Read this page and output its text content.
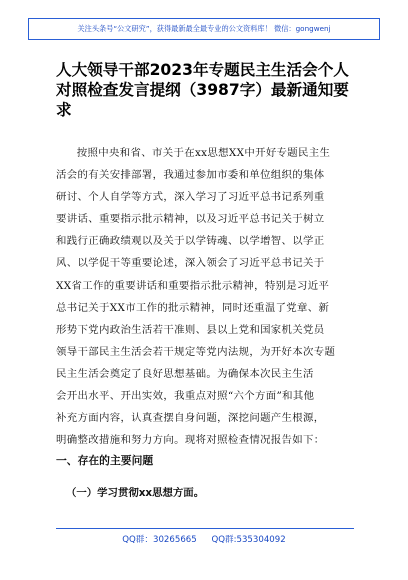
关注头条号“公文研究”，获得最新最全最专业的公文资料库！ 微信：gongwenj
人大领导干部2023年专题民主生活会个人
对照检查发言提纲（3987字）最新通知要
求
按照中央和省、市关于在xx思想XX中开好专题民主生
活会的有关安排部署，我通过参加市委和单位组织的集体
研讨、个人自学等方式，深入学习了习近平总书记系列重
要讲话、重要指示批示精神，以及习近平总书记关于树立
和践行正确政绩观以及关于以学铸魂、以学增智、以学正
风、以学促干等重要论述，深入领会了习近平总书记关于
XX省工作的重要讲话和重要指示批示精神，特别是习近平
总书记关于XX市工作的批示精神，同时还重温了党章、新
形势下党内政治生活若干准则、县以上党和国家机关党员
领导干部民主生活会若干规定等党内法规，为开好本次专题
民主生活会奠定了良好思想基础。为确保本次民主生活
会开出水平、开出实效，我重点对照“六个方面”和其他
补充方面内容，认真查摆自身问题，深挖问题产生根源，
明确整改措施和努力方向。现将对照检查情况报告如下：
一、存在的主要问题
（一）学习贯彻xx思想方面。
QQ群：30265665 QQ群:535304092
